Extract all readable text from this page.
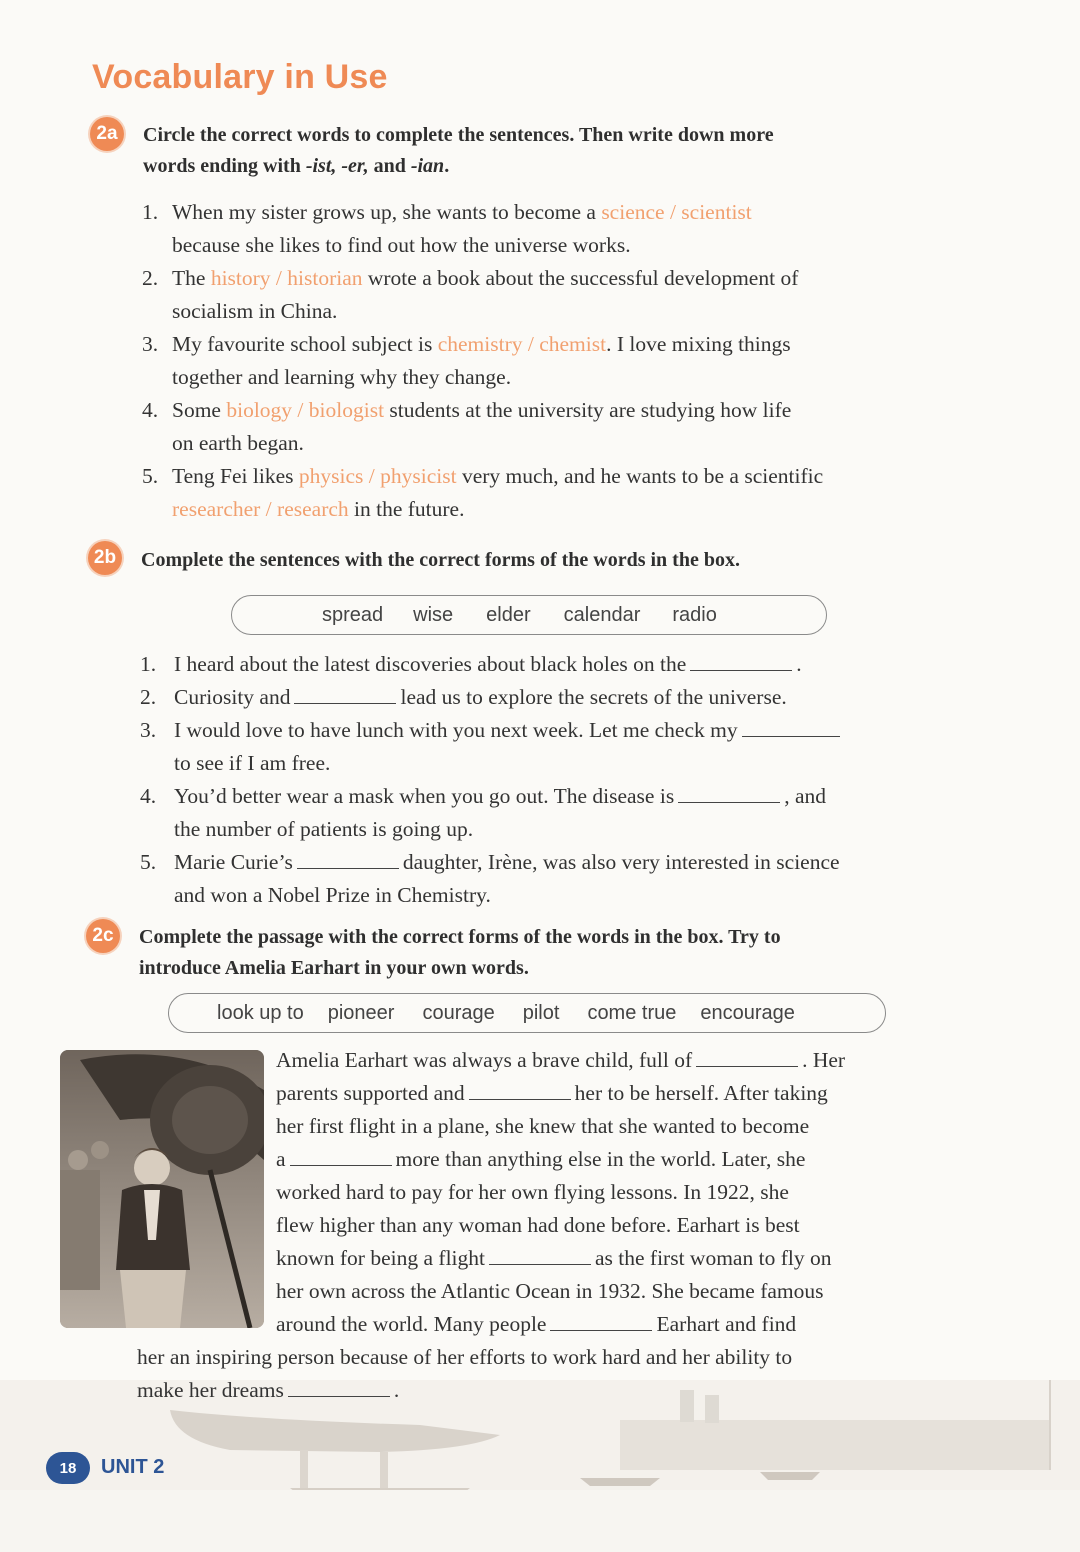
Vocabulary in Use
2a	Circle the correct words to complete the sentences. Then write down more
words ending with -ist, -er, and -ian.
1. When my sister grows up, she wants to become a science / scientist
because she likes to find out how the universe works.
2. The history / historian wrote a book about the successful development of
socialism in China.
3. My favourite school subject is chemistry / chemist. I love mixing things
together and learning why they change.
4. Some biology / biologist students at the university are studying how life
on earth began.
5. Teng Fei likes physics / physicist very much, and he wants to be a scientific
researcher / research in the future.
2b Complete the sentences with the correct forms of the words in the box.
spread wise elder calendar radio
1. I heard about the latest discoveries about black holes on the	.
2. Curiosity and	lead us to explore the secrets of the universe.
3. I would love to have lunch with you next week. Let me check my
to see if I am free.
4. You’d better wear a mask when you go out. The disease is	, and
the number of patients is going up.
5. Marie Curie’s	daughter, Irène, was also very interested in science
and won a Nobel Prize in Chemistry.
2c	Complete the passage with the correct forms of the words in the box. Try to
introduce Amelia Earhart in your own words.
look up to pioneer courage pilot come true encourage
Amelia Earhart was always a brave child, full of	. Her
parents supported and	her to be herself. After taking
her first flight in a plane, she knew that she wanted to become
a	more than anything else in the world. Later, she
worked hard to pay for her own flying lessons. In 1922, she
flew higher than any woman had done before. Earhart is best
known for being a flight	as the first woman to fly on
her own across the Atlantic Ocean in 1932. She became famous
around the world. Many people	Earhart and find
her an inspiring person because of her efforts to work hard and her ability to
make her dreams	.
18	UNIT 2
